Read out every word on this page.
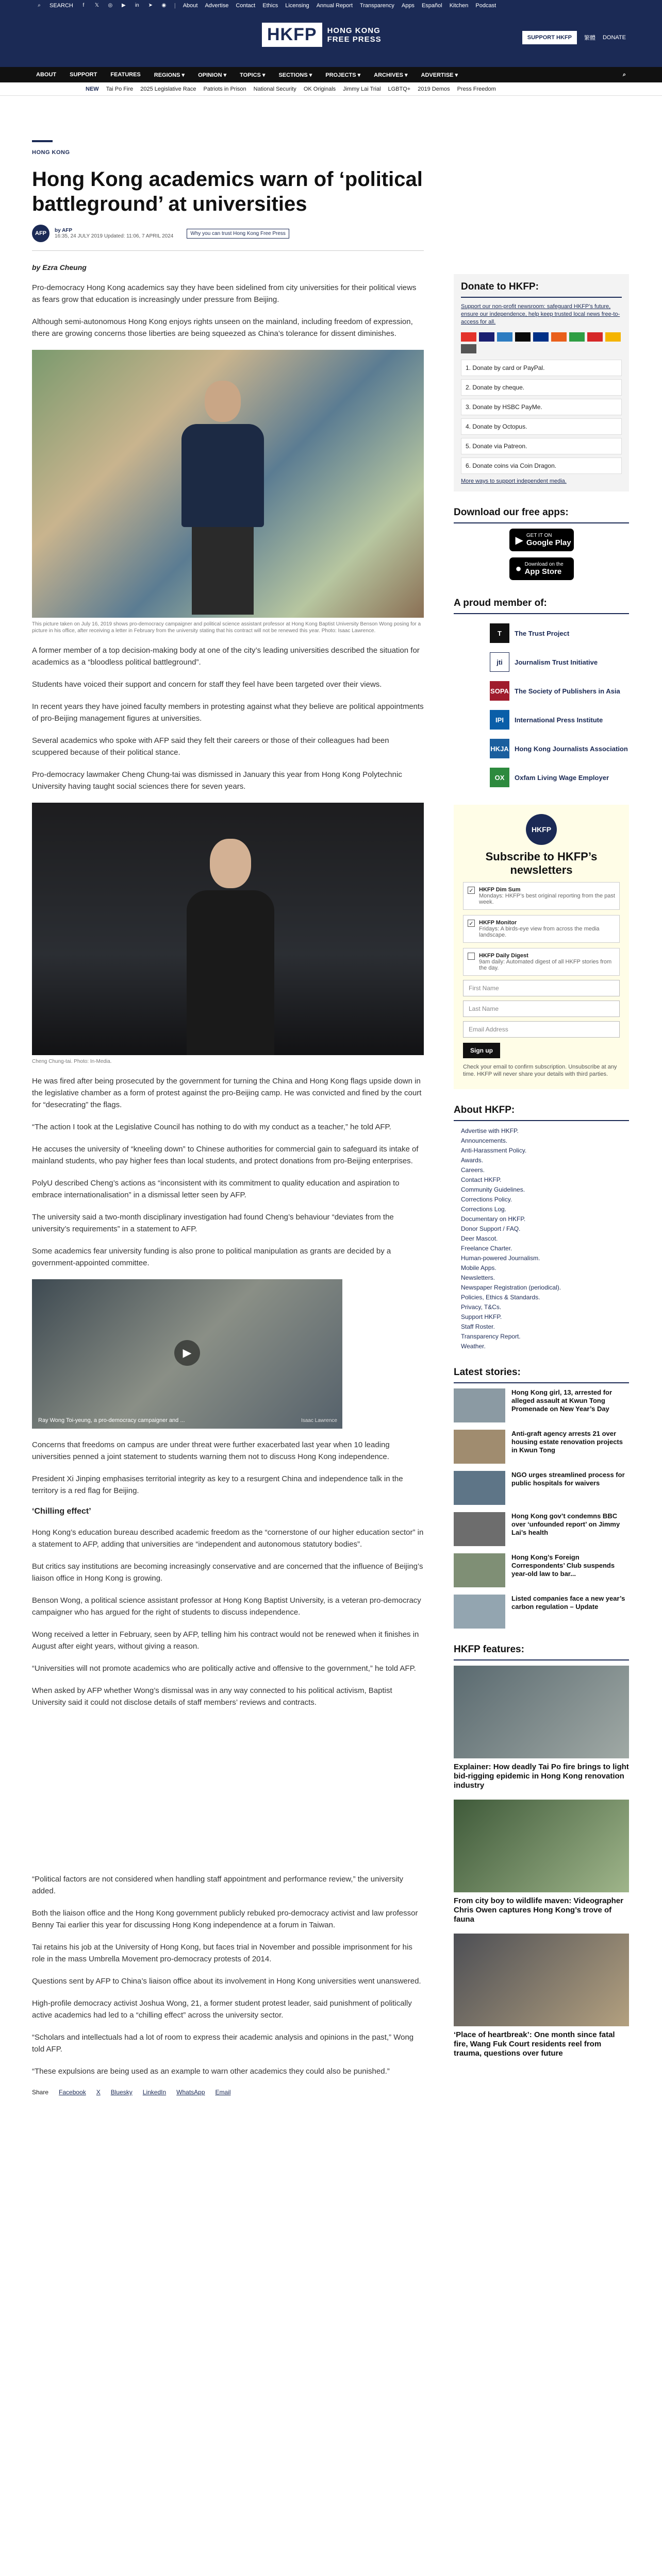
⌕ SEARCH	f	𝕏 ◎ ▶ in ➤ ◉ | About Advertise Contact Ethics Licensing Annual Report Transparency Apps Español Kitchen Podcast
HKFP	HONG KONG
FREE PRESS	SUPPORT HKFP	繁體 DONATE
ABOUT SUPPORT FEATURES REGIONS ▾ OPINION ▾ TOPICS ▾ SECTIONS ▾ PROJECTS ▾ ARCHIVES ▾ ADVERTISE ▾	⌕
NEW Tai Po Fire 2025 Legislative Race Patriots in Prison National Security OK Originals Jimmy Lai Trial LGBTQ+ 2019 Demos Press Freedom
HONG KONG
Hong Kong academics warn of ‘political battleground’ at universities
AFP	by AFP
16:35, 24 JULY 2019 Updated: 11:06, 7 APRIL 2024	Why you can trust Hong Kong Free Press
by Ezra Cheung

Pro-democracy Hong Kong academics say they have been sidelined from city universities for their political views as fears grow that education is increasingly under pressure from Beijing.

Although semi-autonomous Hong Kong enjoys rights unseen on the mainland, including freedom of expression, there are growing concerns those liberties are being squeezed as China’s tolerance for dissent diminishes.

This picture taken on July 16, 2019 shows pro-democracy campaigner and political science assistant professor at Hong Kong Baptist University Benson Wong posing for a picture in his office, after receiving a letter in February from the university stating that his contract will not be renewed this year. Photo: Isaac Lawrence.

A former member of a top decision-making body at one of the city’s leading universities described the situation for academics as a “bloodless political battleground”.

Students have voiced their support and concern for staff they feel have been targeted over their views.

In recent years they have joined faculty members in protesting against what they believe are political appointments of pro-Beijing management figures at universities.

Several academics who spoke with AFP said they felt their careers or those of their colleagues had been scuppered because of their political stance.

Pro-democracy lawmaker Cheng Chung-tai was dismissed in January this year from Hong Kong Polytechnic University having taught social sciences there for seven years.

Cheng Chung-tai. Photo: In-Media.

He was fired after being prosecuted by the government for turning the China and Hong Kong flags upside down in the legislative chamber as a form of protest against the pro-Beijing camp. He was convicted and fined by the court for “desecrating” the flags.

“The action I took at the Legislative Council has nothing to do with my conduct as a teacher,” he told AFP.

He accuses the university of “kneeling down” to Chinese authorities for commercial gain to safeguard its intake of mainland students, who pay higher fees than local students, and protect donations from pro-Beijing enterprises.

PolyU described Cheng’s actions as “inconsistent with its commitment to quality education and aspiration to embrace internationalisation” in a dismissal letter seen by AFP.

The university said a two-month disciplinary investigation had found Cheng’s behaviour “deviates from the university’s requirements” in a statement to AFP.

Some academics fear university funding is also prone to political manipulation as grants are decided by a government-appointed committee.

Ray Wong Toi-yeung, a pro-democracy campaigner and ...	Isaac Lawrence
▶

Concerns that freedoms on campus are under threat were further exacerbated last year when 10 leading universities penned a joint statement to students warning them not to discuss Hong Kong independence.

President Xi Jinping emphasises territorial integrity as key to a resurgent China and independence talk in the territory is a red flag for Beijing.

‘Chilling effect’

Hong Kong’s education bureau described academic freedom as the “cornerstone of our higher education sector” in a statement to AFP, adding that universities are “independent and autonomous statutory bodies”.

But critics say institutions are becoming increasingly conservative and are concerned that the influence of Beijing’s liaison office in Hong Kong is growing.

Benson Wong, a political science assistant professor at Hong Kong Baptist University, is a veteran pro-democracy campaigner who has argued for the right of students to discuss independence.

Wong received a letter in February, seen by AFP, telling him his contract would not be renewed when it finishes in August after eight years, without giving a reason.

“Universities will not promote academics who are politically active and offensive to the government,” he told AFP.

When asked by AFP whether Wong’s dismissal was in any way connected to his political activism, Baptist University said it could not disclose details of staff members’ reviews and contracts.

“Political factors are not considered when handling staff appointment and performance review,” the university added.

Both the liaison office and the Hong Kong government publicly rebuked pro-democracy activist and law professor Benny Tai earlier this year for discussing Hong Kong independence at a forum in Taiwan.

Tai retains his job at the University of Hong Kong, but faces trial in November and possible imprisonment for his role in the mass Umbrella Movement pro-democracy protests of 2014.

Questions sent by AFP to China’s liaison office about its involvement in Hong Kong universities went unanswered.

High-profile democracy activist Joshua Wong, 21, a former student protest leader, said punishment of politically active academics had led to a “chilling effect” across the university sector.

“Scholars and intellectuals had a lot of room to express their academic analysis and opinions in the past,” Wong told AFP.

“These expulsions are being used as an example to warn other academics they could also be punished.”

Share Facebook X Bluesky LinkedIn WhatsApp Email
Donate to HKFP:
Support our non-profit newsroom: safeguard HKFP’s future, ensure our independence, help keep trusted local news free-to-access for all.
1. Donate by card or PayPal.
2. Donate by cheque.
3. Donate by HSBC PayMe.
4. Donate by Octopus.
5. Donate via Patreon.
6. Donate coins via Coin Dragon.
More ways to support independent media.
Download our free apps:
▶ GET IT ON
Google Play
● Download on the
App Store
A proud member of:
T	The Trust Project
jti	Journalism Trust Initiative
SOPA The Society of Publishers in Asia
IPI	International Press Institute
HKJA Hong Kong Journalists Association
OX	Oxfam Living Wage Employer
HKFP
Subscribe to HKFP’s newsletters
✓ HKFP Dim Sum
Mondays: HKFP’s best original reporting from the past week.
✓ HKFP Monitor
Fridays: A birds-eye view from across the media landscape.
HKFP Daily Digest
9am daily: Automated digest of all HKFP stories from the day.
First Name
Last Name
Email Address
Sign up
Check your email to confirm subscription. Unsubscribe at any time. HKFP will never share your details with third parties.
About HKFP:
Advertise with HKFP.
Announcements.
Anti-Harassment Policy.
Awards.
Careers.
Contact HKFP.
Community Guidelines.
Corrections Policy.
Corrections Log.
Documentary on HKFP.
Donor Support / FAQ.
Deer Mascot.
Freelance Charter.
Human-powered Journalism.
Mobile Apps.
Newsletters.
Newspaper Registration (periodical).
Policies, Ethics & Standards.
Privacy, T&Cs.
Support HKFP.
Staff Roster.
Transparency Report.
Weather.
Latest stories:
Hong Kong girl, 13, arrested for alleged assault at Kwun Tong Promenade on New Year’s Day
Anti-graft agency arrests 21 over housing estate renovation projects in Kwun Tong
NGO urges streamlined process for public hospitals for waivers
Hong Kong gov’t condemns BBC over ‘unfounded report’ on Jimmy Lai’s health
Hong Kong’s Foreign Correspondents’ Club suspends year-old law to bar...
Listed companies face a new year’s carbon regulation – Update
HKFP features:
Explainer: How deadly Tai Po fire brings to light bid-rigging epidemic in Hong Kong renovation industry
From city boy to wildlife maven: Videographer Chris Owen captures Hong Kong’s trove of fauna
‘Place of heartbreak’: One month since fatal fire, Wang Fuk Court residents reel from trauma, questions over future
